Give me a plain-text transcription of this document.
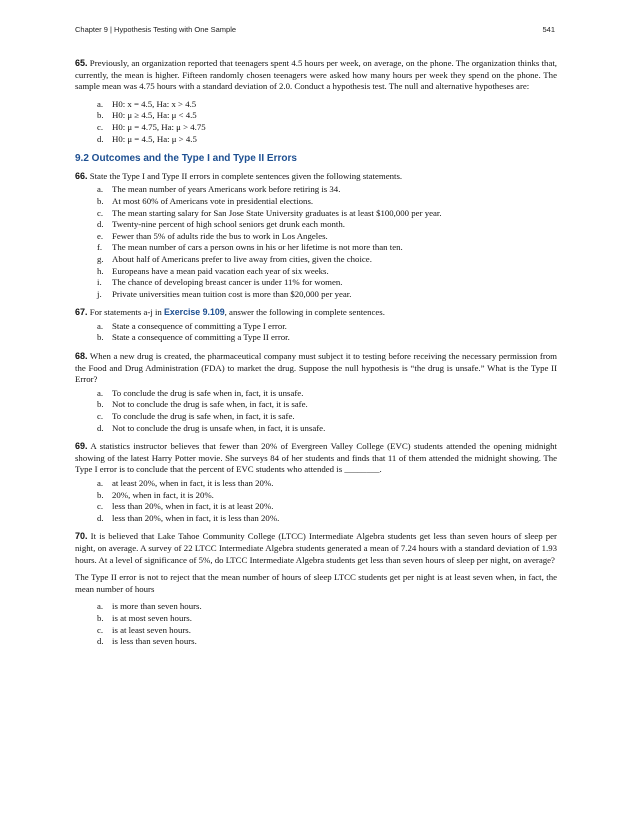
Chapter 9 | Hypothesis Testing with One Sample	541

65. Previously, an organization reported that teenagers spent 4.5 hours per week, on average, on the phone. The organization thinks that, currently, the mean is higher. Fifteen randomly chosen teenagers were asked how many hours per week they spend on the phone. The sample mean was 4.75 hours with a standard deviation of 2.0. Conduct a hypothesis test. The null and alternative hypotheses are:

a.	H0: x = 4.5, Ha: x > 4.5
b. H0: μ ≥ 4.5, Ha: μ < 4.5
c.	H0: μ = 4.75, Ha: μ > 4.75
d. H0: μ = 4.5, Ha: μ > 4.5
9.2 Outcomes and the Type I and Type II Errors

66. State the Type I and Type II errors in complete sentences given the following statements.

a.	The mean number of years Americans work before retiring is 34.
b. At most 60% of Americans vote in presidential elections.
c.	The mean starting salary for San Jose State University graduates is at least $100,000 per year.
d. Twenty-nine percent of high school seniors get drunk each month.
e.	Fewer than 5% of adults ride the bus to work in Los Angeles.
f.	The mean number of cars a person owns in his or her lifetime is not more than ten.
g. About half of Americans prefer to live away from cities, given the choice.
h. Europeans have a mean paid vacation each year of six weeks.
i.	The chance of developing breast cancer is under 11% for women.
j.	Private universities mean tuition cost is more than $20,000 per year.

67. For statements a-j in Exercise 9.109, answer the following in complete sentences.

a.	State a consequence of committing a Type I error.
b. State a consequence of committing a Type II error.

68. When a new drug is created, the pharmaceutical company must subject it to testing before receiving the necessary permission from the Food and Drug Administration (FDA) to market the drug. Suppose the null hypothesis is “the drug is unsafe.” What is the Type II Error?

a.	To conclude the drug is safe when in, fact, it is unsafe.
b. Not to conclude the drug is safe when, in fact, it is safe.
c.	To conclude the drug is safe when, in fact, it is safe.
d. Not to conclude the drug is unsafe when, in fact, it is unsafe.

69. A statistics instructor believes that fewer than 20% of Evergreen Valley College (EVC) students attended the opening midnight showing of the latest Harry Potter movie. She surveys 84 of her students and finds that 11 of them attended the midnight showing. The Type I error is to conclude that the percent of EVC students who attended is ________.

a.	at least 20%, when in fact, it is less than 20%.
b. 20%, when in fact, it is 20%.
c.	less than 20%, when in fact, it is at least 20%.
d. less than 20%, when in fact, it is less than 20%.

70. It is believed that Lake Tahoe Community College (LTCC) Intermediate Algebra students get less than seven hours of sleep per night, on average. A survey of 22 LTCC Intermediate Algebra students generated a mean of 7.24 hours with a standard deviation of 1.93 hours. At a level of significance of 5%, do LTCC Intermediate Algebra students get less than seven hours of sleep per night, on average?

The Type II error is not to reject that the mean number of hours of sleep LTCC students get per night is at least seven when, in fact, the mean number of hours

a.	is more than seven hours.
b. is at most seven hours.
c.	is at least seven hours.
d. is less than seven hours.
